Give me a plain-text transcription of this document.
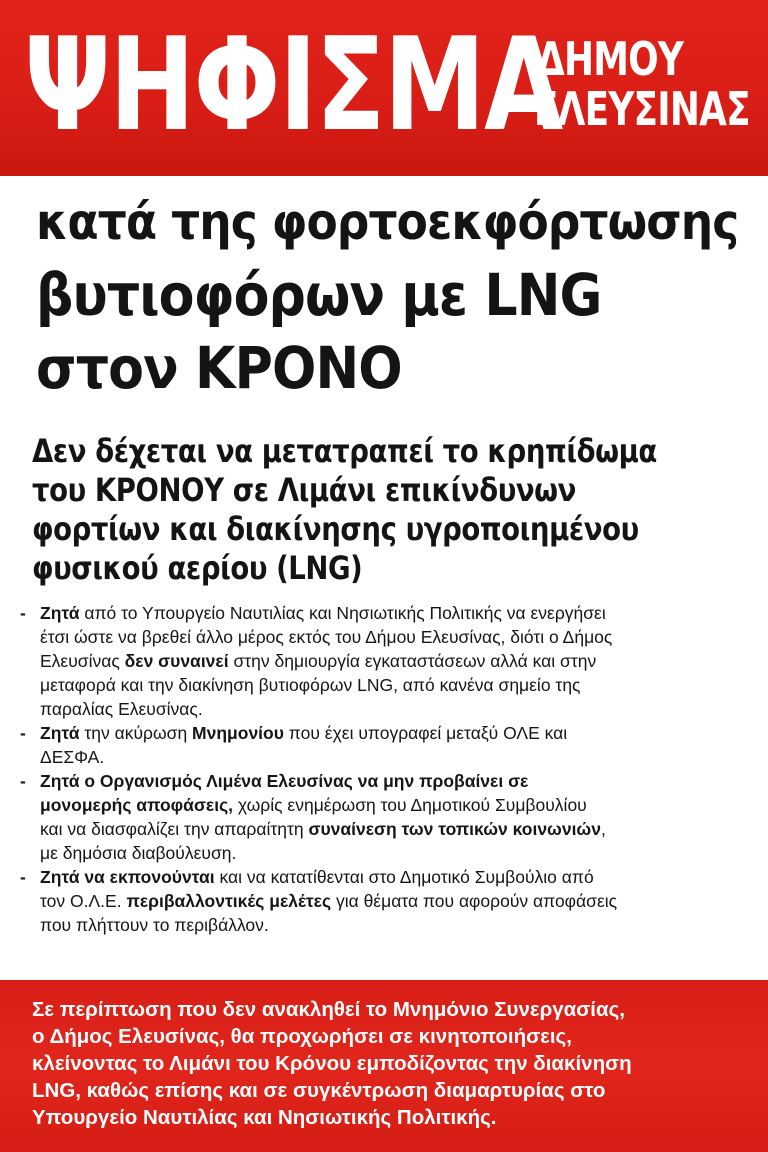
ΨΗΦΙΣΜΑ
ΔΗΜΟΥ
ΕΛΕΥΣΙΝΑΣ
κατά της φορτοεκφόρτωσης
βυτιοφόρων με LNG
στον ΚΡΟΝΟ
Δεν δέχεται να μετατραπεί το κρηπίδωμα
του ΚΡΟΝΟΥ σε Λιμάνι επικίνδυνων
φορτίων και διακίνησης υγροποιημένου
φυσικού αερίου (LNG)
- Ζητά από το Υπουργείο Ναυτιλίας και Νησιωτικής Πολιτικής να ενεργήσει
έτσι ώστε να βρεθεί άλλο μέρος εκτός του Δήμου Ελευσίνας, διότι ο Δήμος
Ελευσίνας δεν συναινεί στην δημιουργία εγκαταστάσεων αλλά και στην
μεταφορά και την διακίνηση βυτιοφόρων LNG, από κανένα σημείο της
παραλίας Ελευσίνας.
- Ζητά την ακύρωση Μνημονίου που έχει υπογραφεί μεταξύ ΟΛΕ και
ΔΕΣΦΑ.
- Ζητά ο Οργανισμός Λιμένα Ελευσίνας να μην προβαίνει σε
μονομερής αποφάσεις, χωρίς ενημέρωση του Δημοτικού Συμβουλίου
και να διασφαλίζει την απαραίτητη συναίνεση των τοπικών κοινωνιών,
με δημόσια διαβούλευση.
- Ζητά να εκπονούνται και να κατατίθενται στο Δημοτικό Συμβούλιο από
τον Ο.Λ.Ε. περιβαλλοντικές μελέτες για θέματα που αφορούν αποφάσεις
που πλήττουν το περιβάλλον.
Σε περίπτωση που δεν ανακληθεί το Μνημόνιο Συνεργασίας,
ο Δήμος Ελευσίνας, θα προχωρήσει σε κινητοποιήσεις,
κλείνοντας το Λιμάνι του Κρόνου εμποδίζοντας την διακίνηση
LNG, καθώς επίσης και σε συγκέντρωση διαμαρτυρίας στο
Υπουργείο Ναυτιλίας και Νησιωτικής Πολιτικής.
